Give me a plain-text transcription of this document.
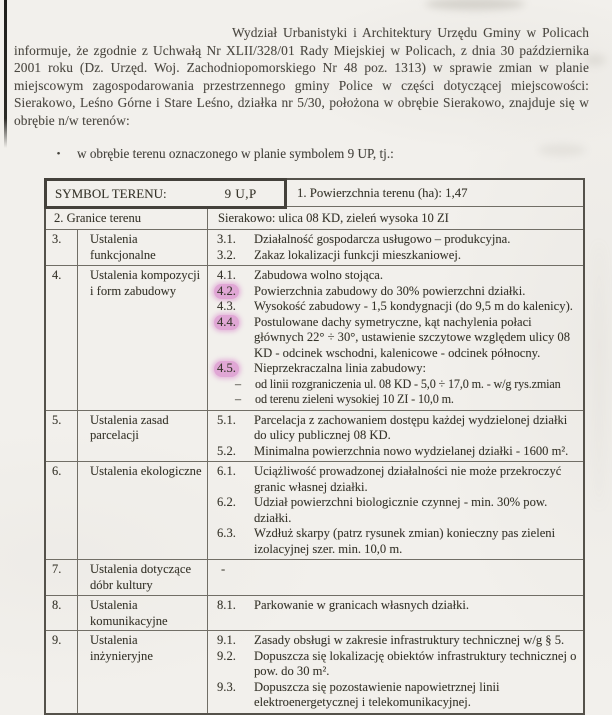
Wydział Urbanistyki i Architektury Urzędu Gminy w Policach informuje, że zgodnie z Uchwałą Nr XLII/328/01 Rady Miejskiej w Policach, z dnia 30 października 2001 roku (Dz. Urzęd. Woj. Zachodniopomorskiego Nr 48 poz. 1313) w sprawie zmian w planie miejscowym zagospodarowania przestrzennego gminy Police w części dotyczącej miejscowości: Sierakowo, Leśno Górne i Stare Leśno, działka nr 5/30, położona w obrębie Sierakowo, znajduje się w obrębie n/w terenów:

• w obrębie terenu oznaczonego w planie symbolem 9 UP, tj.:
SYMBOL TERENU:	9 U,P	1. Powierzchnia terenu (ha): 1,47
2. Granice terenu	Sierakowo: ulica 08 KD, zieleń wysoka 10 ZI
3.	Ustalenia funkcjonalne
3.1. Działalność gospodarcza usługowo – produkcyjna.
3.2. Zakaz lokalizacji funkcji mieszkaniowej.
4.	Ustalenia kompozycji i form zabudowy
4.1. Zabudowa wolno stojąca.
4.2. Powierzchnia zabudowy do 30% powierzchni działki.
4.3. Wysokość zabudowy - 1,5 kondygnacji (do 9,5 m do kalenicy).
4.4. Postulowane dachy symetryczne, kąt nachylenia połaci głównych 22° ÷ 30°, ustawienie szczytowe względem ulicy 08 KD - odcinek wschodni, kalenicowe - odcinek północny.
4.5. Nieprzekraczalna linia zabudowy:
– od linii rozgraniczenia ul. 08 KD - 5,0 ÷ 17,0 m. - w/g rys.zmian
– od terenu zieleni wysokiej 10 ZI - 10,0 m.
5.	Ustalenia zasad parcelacji
5.1. Parcelacja z zachowaniem dostępu każdej wydzielonej działki do ulicy publicznej 08 KD.
5.2. Minimalna powierzchnia nowo wydzielanej działki - 1600 m².
6.	Ustalenia ekologiczne	6.1. Uciążliwość prowadzonej działalności nie może przekroczyć granic własnej działki.
6.2. Udział powierzchni biologicznie czynnej - min. 30% pow. działki.
6.3. Wzdłuż skarpy (patrz rysunek zmian) konieczny pas zieleni izolacyjnej szer. min. 10,0 m.
7.	Ustalenia dotyczące dóbr kultury
-
8.	Ustalenia komunikacyjne
8.1. Parkowanie w granicach własnych działki.
9.	Ustalenia inżynieryjne
9.1. Zasady obsługi w zakresie infrastruktury technicznej w/g § 5.
9.2. Dopuszcza się lokalizację obiektów infrastruktury technicznej o pow. do 30 m².
9.3. Dopuszcza się pozostawienie napowietrznej linii elektroenergetycznej i telekomunikacyjnej.
